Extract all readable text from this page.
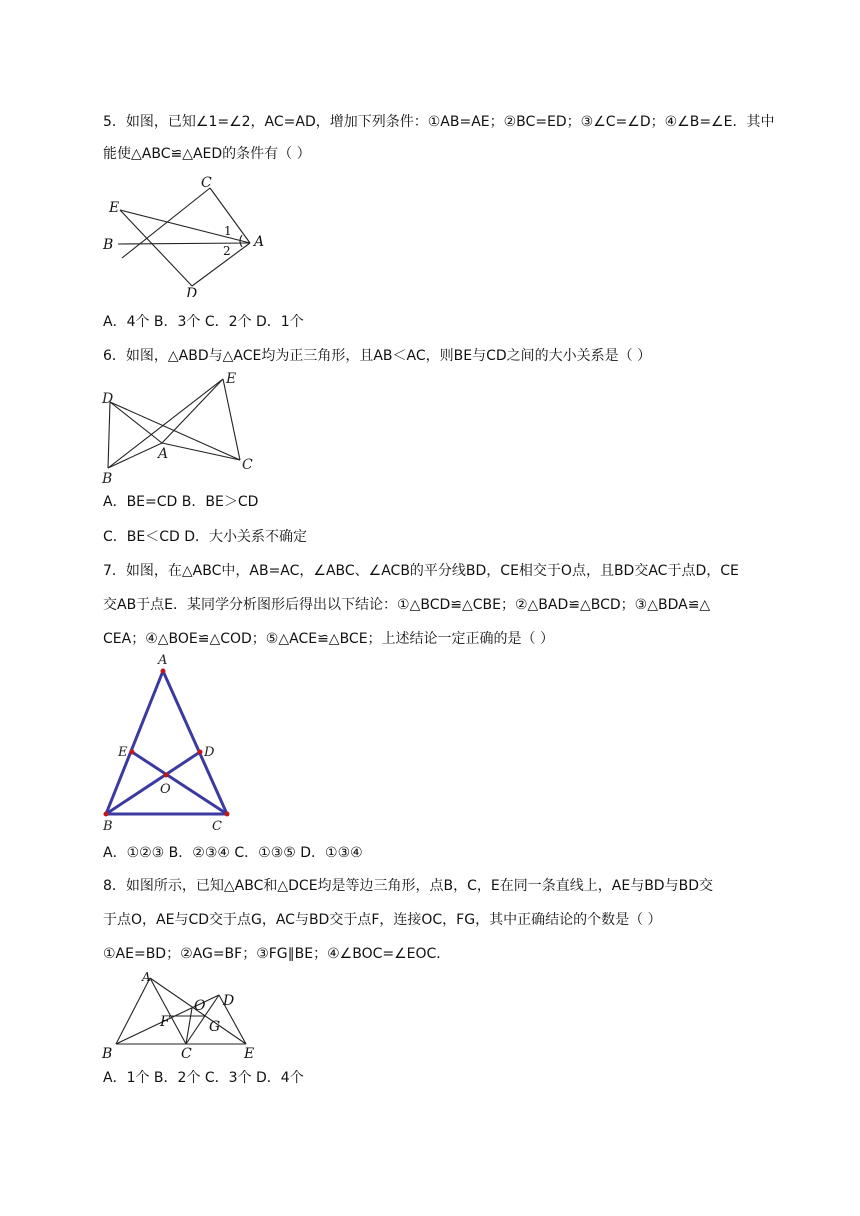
5．如图，已知∠1=∠2，AC=AD，增加下列条件：①AB=AE；②BC=ED；③∠C=∠D；④∠B=∠E．其中
能使△ABC≌△AED的条件有（ ）
C
E
B
1
2
A
D
A．4个 B．3个 C．2个 D．1个
6．如图，△ABD与△ACE均为正三角形，且AB＜AC，则BE与CD之间的大小关系是（ ）
D
E
A
B
C
A．BE=CD B．BE＞CD
C．BE＜CD D．大小关系不确定
7．如图，在△ABC中，AB=AC，∠ABC、∠ACB的平分线BD，CE相交于O点，且BD交AC于点D，CE
交AB于点E．某同学分析图形后得出以下结论：①△BCD≌△CBE；②△BAD≌△BCD；③△BDA≌△
CEA；④△BOE≌△COD；⑤△ACE≌△BCE；上述结论一定正确的是（ ）
A
E	D
O
B	C
A．①②③ B．②③④ C．①③⑤ D．①③④
8．如图所示，已知△ABC和△DCE均是等边三角形，点B，C，E在同一条直线上，AE与BD与BD交
于点O，AE与CD交于点G，AC与BD交于点F，连接OC，FG，其中正确结论的个数是（ ）
①AE=BD；②AG=BF；③FG∥BE；④∠BOC=∠EOC．
A
O D
F	G
B	C	E
A．1个 B．2个 C．3个 D．4个
